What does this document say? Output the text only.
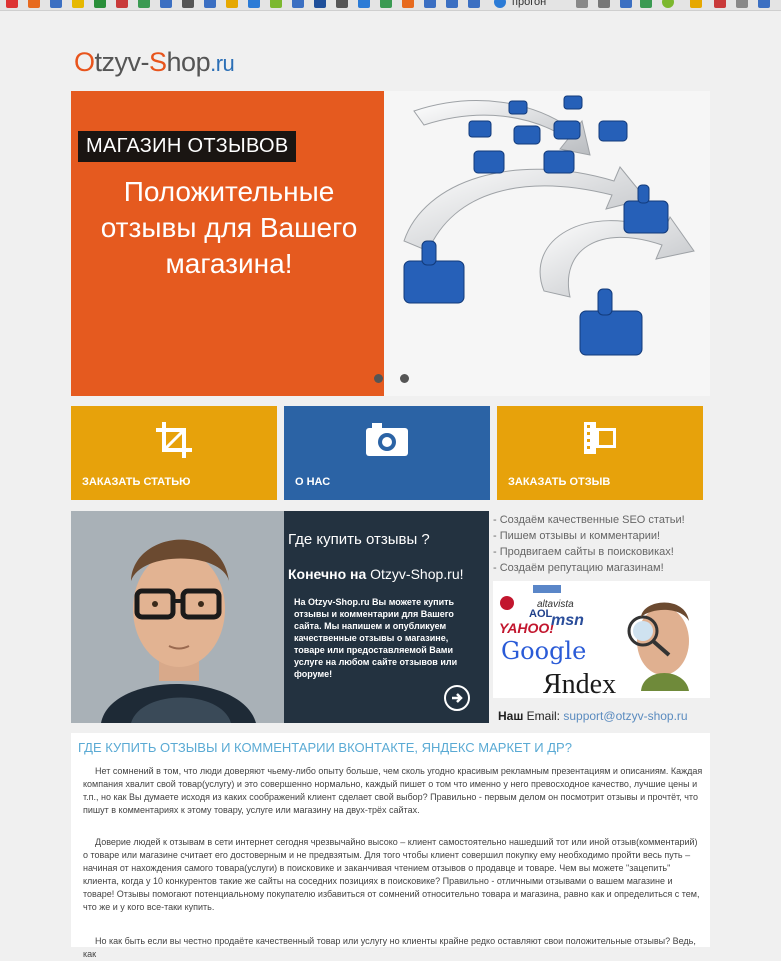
прогон
Otzyv-Shop.ru
МАГАЗИН ОТЗЫВОВ
Положительные отзывы для Вашего магазина!
ЗАКАЗАТЬ СТАТЬЮ	О НАС	ЗАКАЗАТЬ ОТЗЫВ
Где купить отзывы ?
Конечно на Otzyv-Shop.ru!
На Otzyv-Shop.ru Вы можете купить отзывы и комментарии для Вашего сайта. Мы напишем и опубликуем качественные отзывы о магазине, товаре или предоставляемой Вами услуге на любом сайте отзывов или форуме!
- Создаём качественные SEO статьи!
- Пишем отзывы и комментарии!
- Продвигаем сайты в поисковиках!
- Создаём репутацию магазинам!
Google
YAHOO!
Яndex
msn
AOL
altavista
Наш Email: support@otzyv-shop.ru
ГДЕ КУПИТЬ ОТЗЫВЫ И КОММЕНТАРИИ ВКОНТАКТЕ, ЯНДЕКС МАРКЕТ И ДР?
Нет сомнений в том, что люди доверяют чьему-либо опыту больше, чем сколь угодно красивым рекламным презентациям и описаниям. Каждая компания хвалит свой товар(услугу) и это совершенно нормально, каждый пишет о том что именно у него превосходное качество, лучшие цены и т.п., но как Вы думаете исходя из каких соображений клиент сделает свой выбор? Правильно - первым делом он посмотрит отзывы и прочтёт, что пишут в комментариях к этому товару, услуге или магазину на двух-трёх сайтах.
Доверие людей к отзывам в сети интернет сегодня чрезвычайно высоко – клиент самостоятельно нашедший тот или иной отзыв(комментарий) о товаре или магазине считает его достоверным и не предвзятым. Для того чтобы клиент совершил покупку ему необходимо пройти весь путь – начиная от нахождения самого товара(услуги) в поисковике и заканчивая чтением отзывов о продавце и товаре. Чем вы можете "зацепить" клиента, когда у 10 конкурентов такие же сайты на соседних позициях в поисковике? Правильно - отличными отзывами о вашем магазине и товаре! Отзывы помогают потенциальному покупателю избавиться от сомнений относительно товара и магазина, равно как и определиться с тем, что же и у кого все-таки купить.
Но как быть если вы честно продаёте качественный товар или услугу но клиенты крайне редко оставляют свои положительные отзывы? Ведь, как
